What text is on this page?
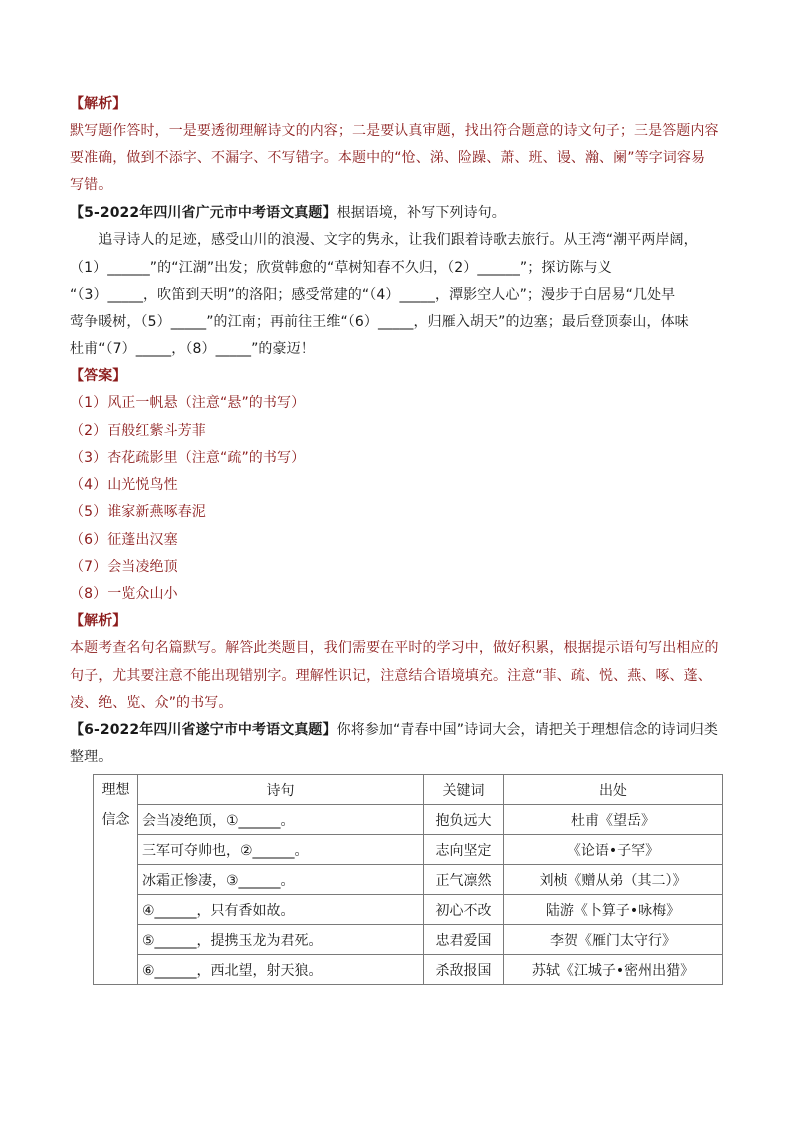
【解析】
默写题作答时，一是要透彻理解诗文的内容；二是要认真审题，找出符合题意的诗文句子；三是答题内容
要准确，做到不添字、不漏字、不写错字。本题中的“怆、涕、险躁、萧、班、谩、瀚、阑”等字词容易
写错。
【5-2022年四川省广元市中考语文真题】根据语境，补写下列诗句。
　　追寻诗人的足迹，感受山川的浪漫、文字的隽永，让我们跟着诗歌去旅行。从王湾“潮平两岸阔，
（1）______”的“江湖”出发；欣赏韩愈的“草树知春不久归，（2）______”；探访陈与义
“（3）_____，吹笛到天明”的洛阳；感受常建的“（4）_____，潭影空人心”；漫步于白居易“几处早
莺争暖树，（5）_____”的江南；再前往王维“（6）_____，归雁入胡天”的边塞；最后登顶泰山，体味
杜甫“（7）_____，（8）_____”的豪迈！
【答案】
（1）风正一帆悬（注意“悬”的书写）
（2）百般红紫斗芳菲
（3）杏花疏影里（注意“疏”的书写）
（4）山光悦鸟性
（5）谁家新燕啄春泥
（6）征蓬出汉塞
（7）会当凌绝顶
（8）一览众山小
【解析】
本题考查名句名篇默写。解答此类题目，我们需要在平时的学习中，做好积累，根据提示语句写出相应的
句子，尤其要注意不能出现错别字。理解性识记，注意结合语境填充。注意“菲、疏、悦、燕、啄、蓬、
凌、绝、览、众”的书写。
【6-2022年四川省遂宁市中考语文真题】你将参加“青春中国”诗词大会，请把关于理想信念的诗词归类
整理。
理想
信念	诗句	关键词	出处
	会当凌绝顶，①______。	抱负远大	杜甫《望岳》
	三军可夺帅也，②______。	志向坚定	《论语•子罕》
	冰霜正惨凄，③______。	正气凛然	刘桢《赠从弟（其二）》
	④______，只有香如故。	初心不改	陆游《卜算子•咏梅》
	⑤______，提携玉龙为君死。	忠君爱国	李贺《雁门太守行》
	⑥______，西北望，射天狼。	杀敌报国	苏轼《江城子•密州出猎》
